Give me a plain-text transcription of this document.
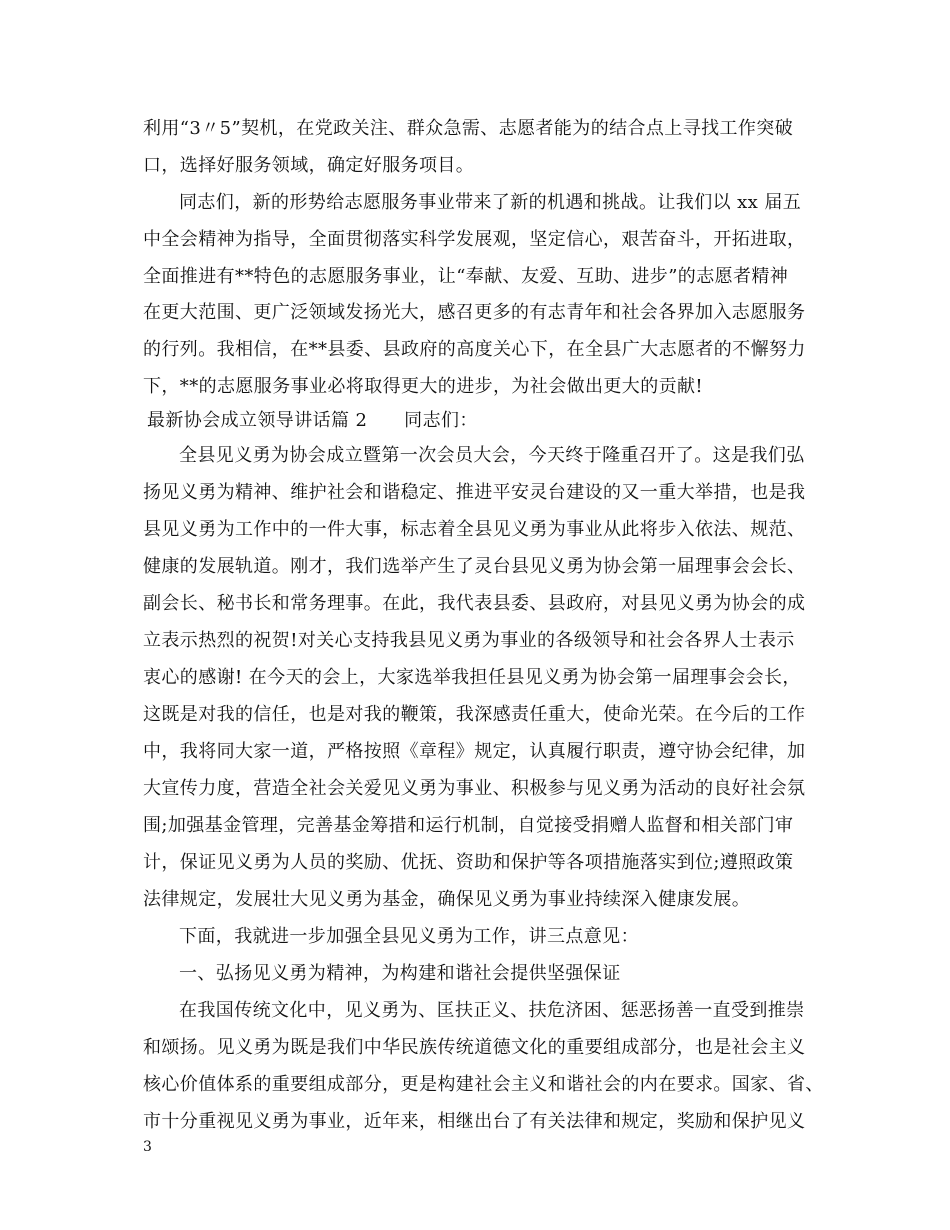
利用“3〃5”契机，在党政关注、群众急需、志愿者能为的结合点上寻找工作突破
口，选择好服务领域，确定好服务项目。
同志们，新的形势给志愿服务事业带来了新的机遇和挑战。让我们以 xx 届五
中全会精神为指导，全面贯彻落实科学发展观，坚定信心，艰苦奋斗，开拓进取，
全面推进有**特色的志愿服务事业，让“奉献、友爱、互助、进步”的志愿者精神
在更大范围、更广泛领域发扬光大，感召更多的有志青年和社会各界加入志愿服务
的行列。我相信，在**县委、县政府的高度关心下，在全县广大志愿者的不懈努力
下，**的志愿服务事业必将取得更大的进步，为社会做出更大的贡献!
最新协会成立领导讲话篇 2　　同志们：
全县见义勇为协会成立暨第一次会员大会，今天终于隆重召开了。这是我们弘
扬见义勇为精神、维护社会和谐稳定、推进平安灵台建设的又一重大举措，也是我
县见义勇为工作中的一件大事，标志着全县见义勇为事业从此将步入依法、规范、
健康的发展轨道。刚才，我们选举产生了灵台县见义勇为协会第一届理事会会长、
副会长、秘书长和常务理事。在此，我代表县委、县政府，对县见义勇为协会的成
立表示热烈的祝贺!对关心支持我县见义勇为事业的各级领导和社会各界人士表示
衷心的感谢! 在今天的会上，大家选举我担任县见义勇为协会第一届理事会会长，
这既是对我的信任，也是对我的鞭策，我深感责任重大，使命光荣。在今后的工作
中，我将同大家一道，严格按照《章程》规定，认真履行职责，遵守协会纪律，加
大宣传力度，营造全社会关爱见义勇为事业、积极参与见义勇为活动的良好社会氛
围;加强基金管理，完善基金筹措和运行机制，自觉接受捐赠人监督和相关部门审
计，保证见义勇为人员的奖励、优抚、资助和保护等各项措施落实到位;遵照政策
法律规定，发展壮大见义勇为基金，确保见义勇为事业持续深入健康发展。
下面，我就进一步加强全县见义勇为工作，讲三点意见：
一、弘扬见义勇为精神，为构建和谐社会提供坚强保证
在我国传统文化中，见义勇为、匡扶正义、扶危济困、惩恶扬善一直受到推崇
和颂扬。见义勇为既是我们中华民族传统道德文化的重要组成部分，也是社会主义
核心价值体系的重要组成部分，更是构建社会主义和谐社会的内在要求。国家、省、
市十分重视见义勇为事业，近年来，相继出台了有关法律和规定，奖励和保护见义
3
